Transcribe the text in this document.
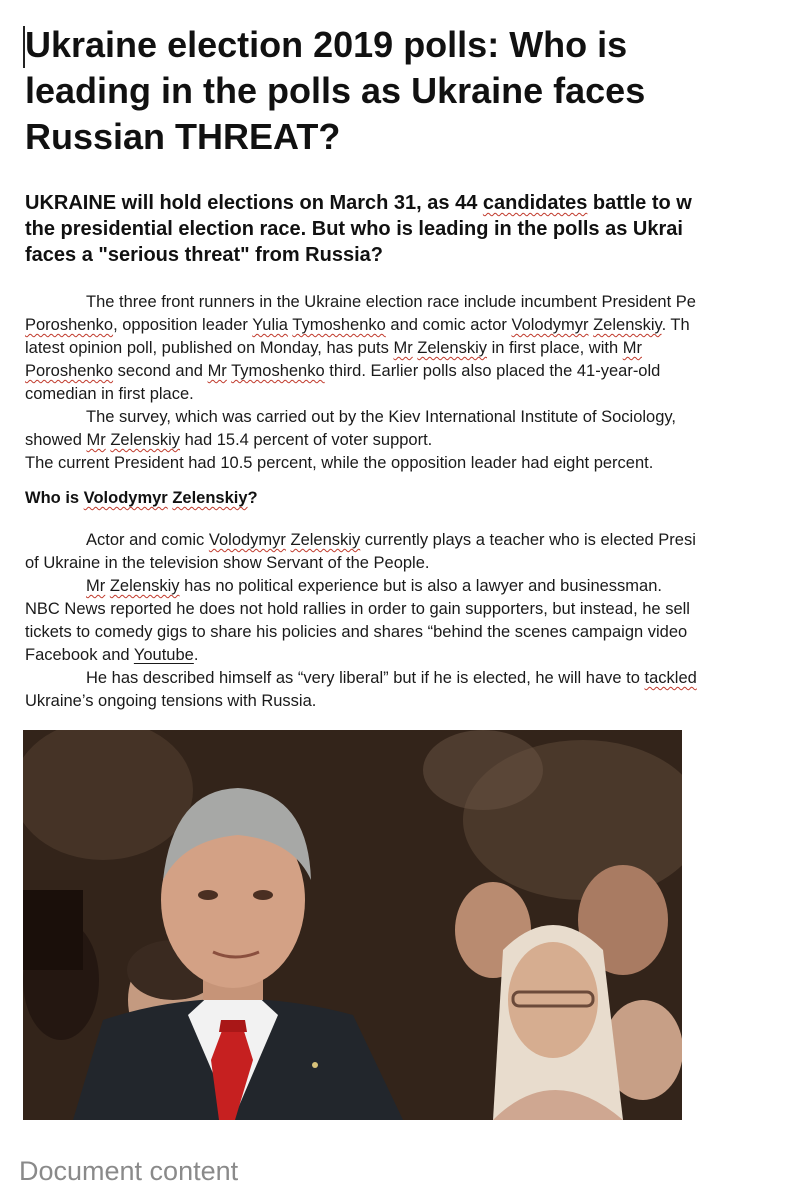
Ukraine election 2019 polls: Who is
leading in the polls as Ukraine faces
Russian THREAT?
UKRAINE will hold elections on March 31, as 44 candidates battle to w
the presidential election race. But who is leading in the polls as Ukrai
faces a "serious threat" from Russia?
The three front runners in the Ukraine election race include incumbent President Pe
Poroshenko, opposition leader Yulia Tymoshenko and comic actor Volodymyr Zelenskiy. Th
latest opinion poll, published on Monday, has puts Mr Zelenskiy in first place, with Mr
Poroshenko second and Mr Tymoshenko third. Earlier polls also placed the 41-year-old
comedian in first place.
The survey, which was carried out by the Kiev International Institute of Sociology,
showed Mr Zelenskiy had 15.4 percent of voter support.
The current President had 10.5 percent, while the opposition leader had eight percent.
Who is Volodymyr Zelenskiy?
Actor and comic Volodymyr Zelenskiy currently plays a teacher who is elected Presi
of Ukraine in the television show Servant of the People.
Mr Zelenskiy has no political experience but is also a lawyer and businessman.
NBC News reported he does not hold rallies in order to gain supporters, but instead, he sell
tickets to comedy gigs to share his policies and shares “behind the scenes campaign video
Facebook and Youtube.
He has described himself as “very liberal” but if he is elected, he will have to tackled
Ukraine’s ongoing tensions with Russia.
Document content
